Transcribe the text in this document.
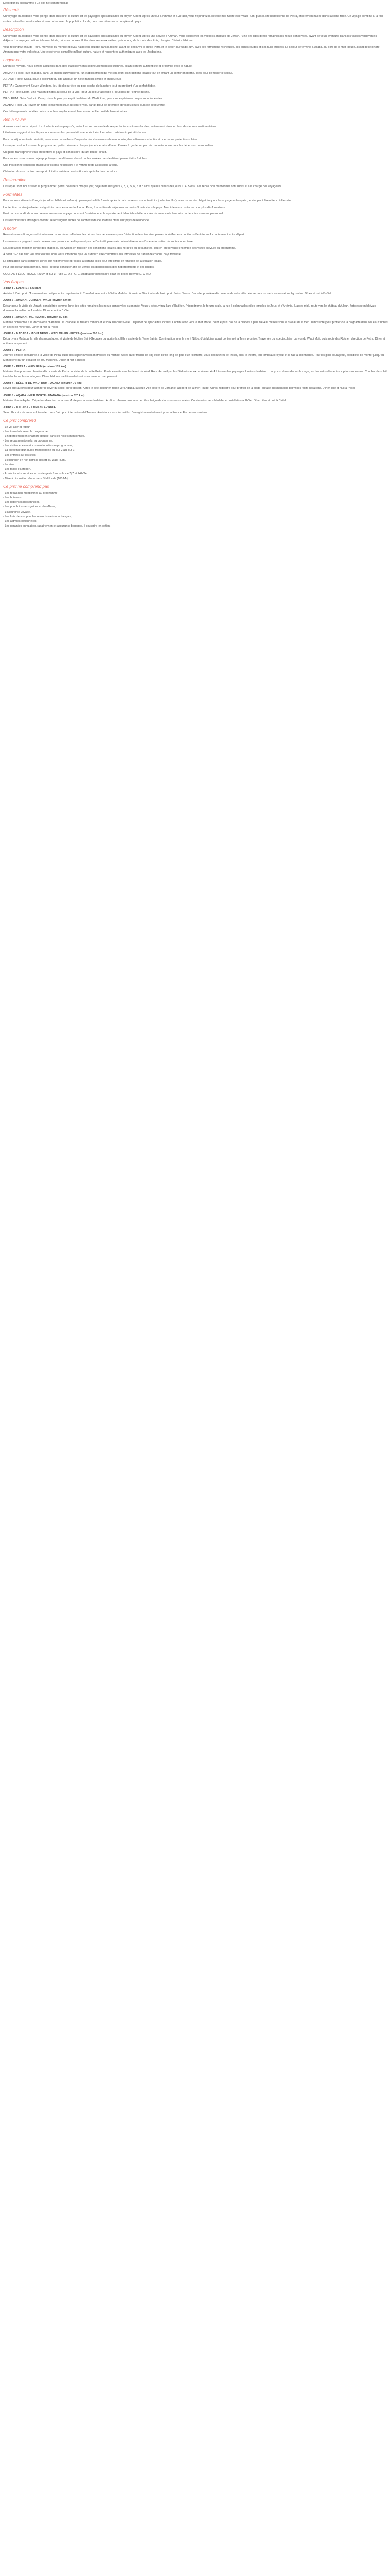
Descriptif du programme | Ce prix ne comprend pas
Résumé

Un voyage en Jordanie vous plonge dans l'histoire, la culture et les paysages spectaculaires du Moyen-Orient. Après un tour à Amman et à Jerash, vous rejoindrez la célèbre mer Morte et le Wadi Rum, puis la cité nabatéenne de Petra, entièrement taillée dans la roche rose. Ce voyage combine à la fois visites culturelles, randonnées et rencontres avec la population locale, pour une découverte complète du pays.

Description

Un voyage en Jordanie vous plonge dans l'histoire, la culture et les paysages spectaculaires du Moyen-Orient. Après une arrivée à Amman, vous explorerez les vestiges antiques de Jerash, l'une des cités gréco-romaines les mieux conservées, avant de vous aventurer dans les vallées verdoyantes d'Ajloun. Le voyage continue à la mer Morte, où vous pourrez flotter dans ses eaux salées, puis le long de la route des Rois, chargée d'histoire biblique.

Vous rejoindrez ensuite Petra, merveille du monde et joyau nabatéen sculpté dans la roche, avant de découvrir la petite Petra et le désert du Wadi Rum, avec ses formations rocheuses, ses dunes rouges et ses nuits étoilées. Le séjour se termine à Aqaba, au bord de la mer Rouge, avant de rejoindre Amman pour votre vol retour. Une expérience complète mêlant culture, nature et rencontres authentiques avec les Jordaniens.

Logement

Durant ce voyage, nous serons accueillis dans des établissements soigneusement sélectionnés, alliant confort, authenticité et proximité avec la nature.

AMMAN : Hôtel Rove Madaba, dans un ancien caravansérail, un établissement qui met en avant les traditions locales tout en offrant un confort moderne, idéal pour démarrer le séjour.

JERASH : Hôtel Salsa, situé à proximité du site antique, un hôtel familial simple et chaleureux.

PETRA : Campement Seven Wonders, lieu idéal pour être au plus proche de la nature tout en profitant d'un confort fiable.

PETRA : Hôtel Edom, une maison d'hôtes au cœur de la ville, pour un séjour agréable à deux pas de l'entrée du site.

WADI RUM : Sahr Bedouin Camp, dans le plus pur esprit du désert du Wadi Rum, pour une expérience unique sous les étoiles.

AQABA : Hôtel City Tower, un hôtel idéalement situé au centre-ville, parfait pour se détendre après plusieurs jours de découverte.

Ces hébergements ont été choisis pour leur emplacement, leur confort et l'accueil de leurs équipes.

Bon à savoir

À savoir avant votre départ : La Jordanie est un pays sûr, mais il est recommandé de respecter les coutumes locales, notamment dans le choix des tenues vestimentaires.

L'itinéraire suggéré et les étapes incontournables peuvent être amenés à évoluer selon certaines impératifs locaux.

Pour un séjour en toute sérénité, nous vous conseillons d'emporter des chaussures de randonnée, des vêtements adaptés et une bonne protection solaire.

Les repas sont inclus selon le programme ; petits déjeuners chaque jour et certains dîners. Pensez à garder un peu de monnaie locale pour les dépenses personnelles.

Un guide francophone vous présentera le pays et son histoire durant tout le circuit.

Pour les excursions avec la jeep, prévoyez un vêtement chaud car les soirées dans le désert peuvent être fraîches.

Une très bonne condition physique n'est pas nécessaire ; le rythme reste accessible à tous.

Obtention du visa : votre passeport doit être valide au moins 6 mois après la date de retour.

Restauration

Les repas sont inclus selon le programme : petits déjeuners chaque jour, déjeuners des jours 2, 3, 4, 5, 6, 7 et 8 ainsi que les dîners des jours 1, 4, 5 et 6. Les repas non mentionnés sont libres et à la charge des voyageurs.

Formalités

Pour les ressortissants français (adultes, bébés et enfants) : passeport valide 6 mois après la date de retour sur le territoire jordanien. Il n'y a aucun vaccin obligatoire pour les voyageurs français ; le visa peut être obtenu à l'arrivée.

L'obtention du visa jordanien est gratuite dans le cadre du Jordan Pass, à condition de séjourner au moins 3 nuits dans le pays. Merci de nous contacter pour plus d'informations.

Il est recommandé de souscrire une assurance voyage couvrant l'assistance et le rapatriement. Merci de vérifier auprès de votre carte bancaire ou de votre assureur personnel.

Les ressortissants étrangers doivent se renseigner auprès de l'ambassade de Jordanie dans leur pays de résidence.

À noter

Ressortissants étrangers et binationaux : vous devez effectuer les démarches nécessaires pour l'obtention de votre visa, pensez à vérifier les conditions d'entrée en Jordanie avant votre départ.

Les mineurs voyageant seuls ou avec une personne ne disposant pas de l'autorité parentale doivent être munis d'une autorisation de sortie du territoire.

Nous pouvons modifier l'ordre des étapes ou les visites en fonction des conditions locales, des horaires ou de la météo, tout en préservant l'ensemble des visites prévues au programme.

À noter : En cas d'un vol avec escale, nous vous informons que vous devez être conformes aux formalités de transit de chaque pays traversé.

La circulation dans certaines zones est réglementée et l'accès à certains sites peut être limité en fonction de la situation locale.

Pour tout départ hors période, merci de nous consulter afin de vérifier les disponibilités des hébergements et des guides.

COURANT ÉLECTRIQUE : 230V et 50Hz. Type C, D, F, G, J. Adaptateur nécessaire pour les prises de type D, G et J.

Vos étapes
JOUR 1 - FRANCE / AMMAN

Arrivée à l'aéroport d'Amman et accueil par notre représentant. Transfert vers votre hôtel à Madaba, à environ 30 minutes de l'aéroport. Selon l'heure d'arrivée, première découverte de cette ville célèbre pour sa carte en mosaïque byzantine. Dîner et nuit à l'hôtel.

JOUR 2 - AMMAN - JERASH - WADI (environ 50 km)

Départ pour la visite de Jerash, considérée comme l'une des cités romaines les mieux conservées au monde. Vous y découvrirez l'arc d'Hadrien, l'hippodrome, le forum ovale, la rue à colonnades et les temples de Zeus et d'Artémis. L'après-midi, route vers le château d'Ajloun, forteresse médiévale dominant la vallée du Jourdain. Dîner et nuit à l'hôtel.

JOUR 3 - AMMAN - MER MORTE (environ 80 km)

Matinée consacrée à la découverte d'Amman : la citadelle, le théâtre romain et le souk du centre-ville. Déjeuner de spécialités locales. Continuation vers la mer Morte, point le plus bas de la planète à plus de 400 mètres sous le niveau de la mer. Temps libre pour profiter de la baignade dans ses eaux riches en sel et en minéraux. Dîner et nuit à l'hôtel.

JOUR 4 - MADABA - MONT NÉBO - WADI MUJIB - PETRA (environ 290 km)

Départ vers Madaba, la ville des mosaïques, et visite de l'église Saint-Georges qui abrite la célèbre carte de la Terre Sainte. Continuation vers le mont Nébo, d'où Moïse aurait contemplé la Terre promise. Traversée du spectaculaire canyon du Wadi Mujib puis route des Rois en direction de Petra. Dîner et nuit au campement.

JOUR 5 - PETRA

Journée entière consacrée à la visite de Petra, l'une des sept nouvelles merveilles du monde. Après avoir franchi le Siq, étroit défilé long de plus d'un kilomètre, vous découvrirez le Trésor, puis le théâtre, les tombeaux royaux et la rue à colonnades. Pour les plus courageux, possibilité de monter jusqu'au Monastère par un escalier de 800 marches. Dîner et nuit à l'hôtel.

JOUR 6 - PETRA - WADI RUM (environ 105 km)

Matinée libre pour une dernière découverte de Petra ou visite de la petite Petra. Route ensuite vers le désert du Wadi Rum. Accueil par les Bédouins et excursion en 4x4 à travers les paysages lunaires du désert : canyons, dunes de sable rouge, arches naturelles et inscriptions rupestres. Coucher de soleil inoubliable sur les montagnes. Dîner bédouin traditionnel et nuit sous tente au campement.

JOUR 7 - DÉSERT DE WADI RUM - AQABA (environ 70 km)

Réveil aux aurores pour admirer le lever du soleil sur le désert. Après le petit déjeuner, route vers Aqaba, la seule ville côtière de Jordanie, au bord de la mer Rouge. Après-midi libre pour profiter de la plage ou faire du snorkeling parmi les récifs coralliens. Dîner libre et nuit à l'hôtel.

JOUR 8 - AQABA - MER MORTE - MADABA (environ 320 km)

Matinée libre à Aqaba. Départ en direction de la mer Morte par la route du désert. Arrêt en chemin pour une dernière baignade dans ses eaux salées. Continuation vers Madaba et installation à l'hôtel. Dîner libre et nuit à l'hôtel.

JOUR 9 - MADABA - AMMAN / FRANCE

Selon l'horaire de votre vol, transfert vers l'aéroport international d'Amman. Assistance aux formalités d'enregistrement et envol pour la France. Fin de nos services.

Ce prix comprend
- Le vol aller et retour,
- Les transferts selon le programme,
- L'hébergement en chambre double dans les hôtels mentionnés,
- Les repas mentionnés au programme,
- Les visites et excursions mentionnées au programme,
- La présence d'un guide francophone du jour 2 au jour 9,
- Les entrées sur les sites,
- L'excursion en 4x4 dans le désert du Wadi Rum,
- Le visa,
- Les taxes d'aéroport.
- Accès à notre service de conciergerie francophone 7j/7 et 24h/24.
- Mise à disposition d'une carte SIM locale (100 Mo).
Ce prix ne comprend pas
- Les repas non mentionnés au programme,
- Les boissons,
- Les dépenses personnelles,
- Les pourboires aux guides et chauffeurs,
- L'assurance voyage,
- Les frais de visa pour les ressortissants non français,
- Les activités optionnelles,
- Les garanties annulation, rapatriement et assurance bagages, à souscrire en option.
